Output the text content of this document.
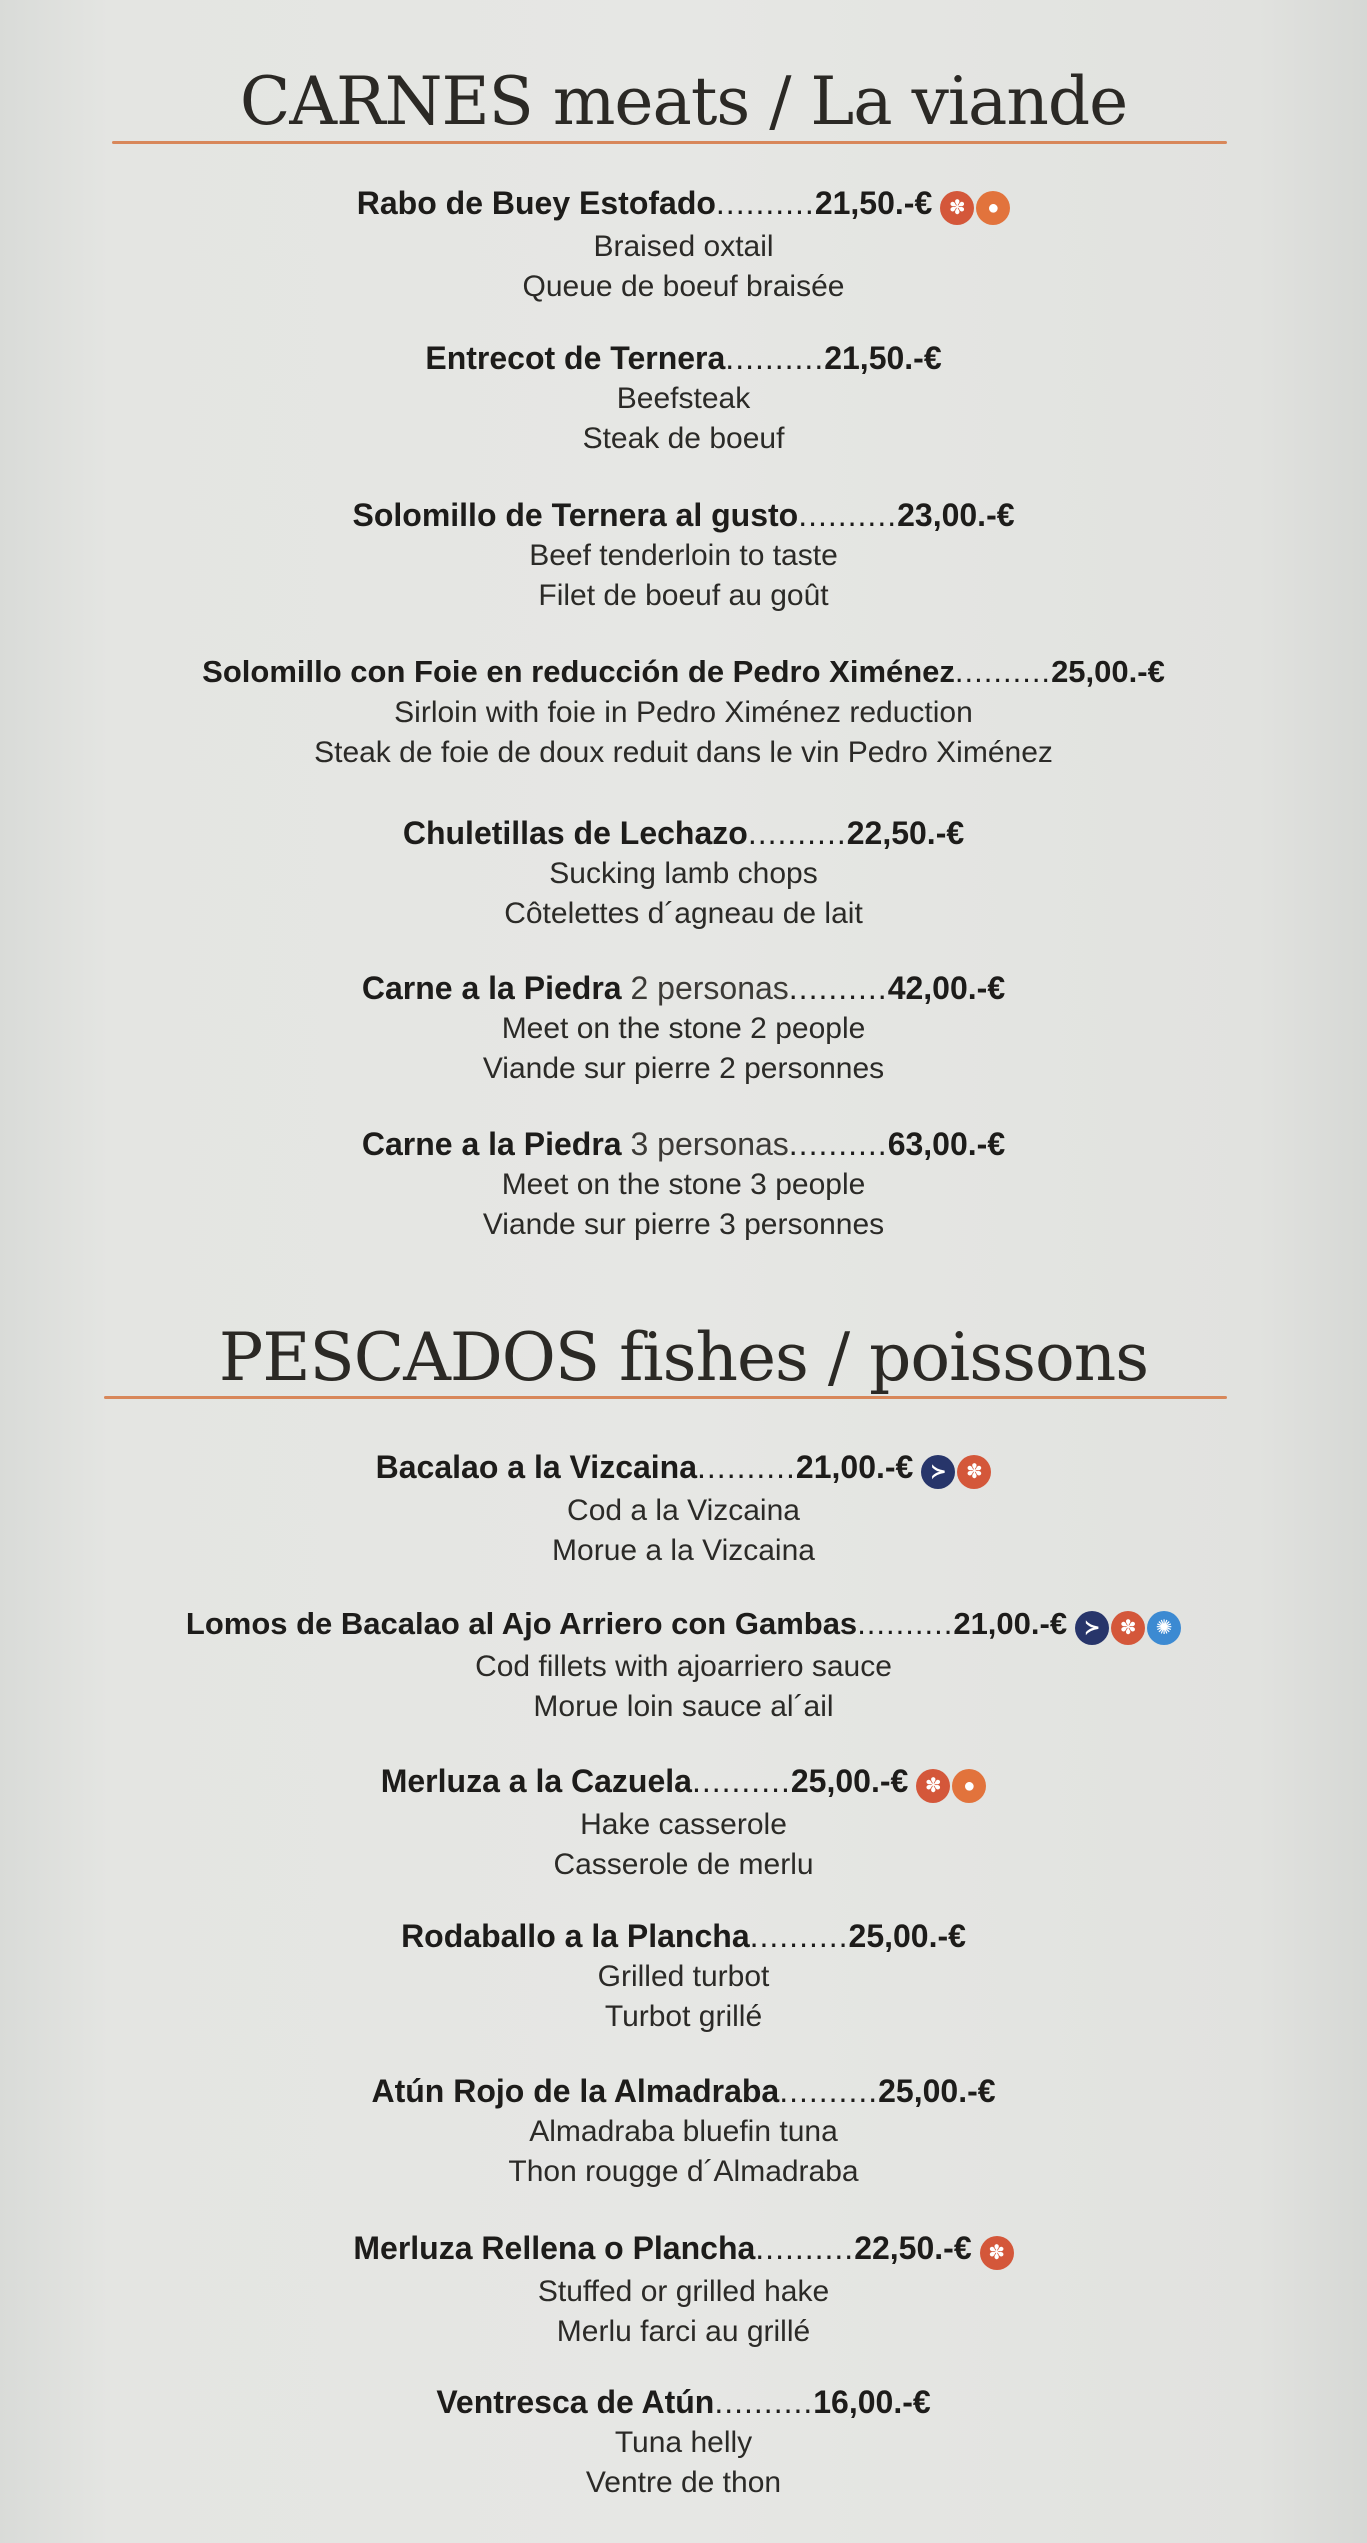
CARNES meats / La viande
Rabo de Buey Estofado..........21,50.-€ ✽ ●
Braised oxtail
Queue de boeuf braisée
Entrecot de Ternera..........21,50.-€
Beefsteak
Steak de boeuf
Solomillo de Ternera al gusto..........23,00.-€
Beef tenderloin to taste
Filet de boeuf au goût
Solomillo con Foie en reducción de Pedro Ximénez..........25,00.-€
Sirloin with foie in Pedro Ximénez reduction
Steak de foie de doux reduit dans le vin Pedro Ximénez
Chuletillas de Lechazo..........22,50.-€
Sucking lamb chops
Côtelettes d´agneau de lait
Carne a la Piedra 2 personas..........42,00.-€
Meet on the stone 2 people
Viande sur pierre 2 personnes
Carne a la Piedra 3 personas..........63,00.-€
Meet on the stone 3 people
Viande sur pierre 3 personnes
PESCADOS fishes / poissons
Bacalao a la Vizcaina..........21,00.-€ ≻ ✽
Cod a la Vizcaina
Morue a la Vizcaina
Lomos de Bacalao al Ajo Arriero con Gambas..........21,00.-€ ≻ ✽ ✺
Cod fillets with ajoarriero sauce
Morue loin sauce al´ail
Merluza a la Cazuela..........25,00.-€ ✽ ●
Hake casserole
Casserole de merlu
Rodaballo a la Plancha..........25,00.-€
Grilled turbot
Turbot grillé
Atún Rojo de la Almadraba..........25,00.-€
Almadraba bluefin tuna
Thon rougge d´Almadraba
Merluza Rellena o Plancha..........22,50.-€ ✽
Stuffed or grilled hake
Merlu farci au grillé
Ventresca de Atún..........16,00.-€
Tuna helly
Ventre de thon
